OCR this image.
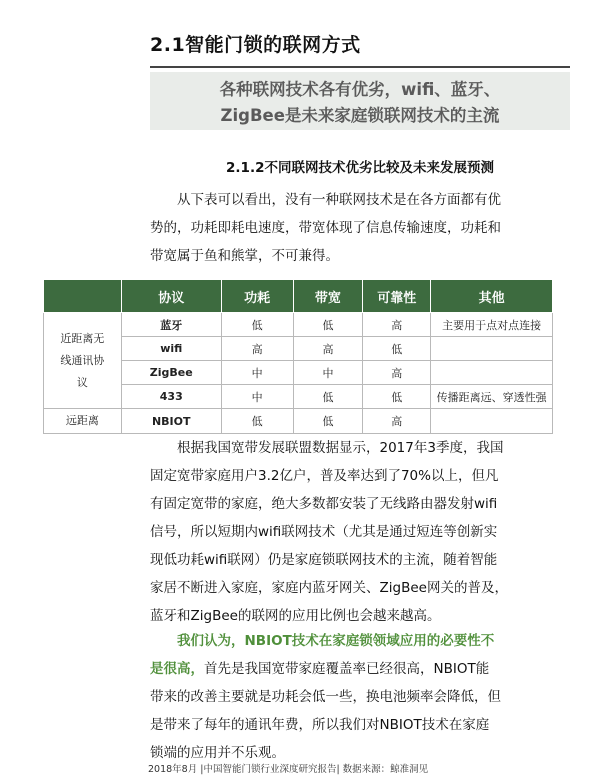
2.1智能门锁的联网方式
各种联网技术各有优劣，wifi、蓝牙、
ZigBee是未来家庭锁联网技术的主流
2.1.2不同联网技术优劣比较及未来发展预测
从下表可以看出，没有一种联网技术是在各方面都有优
势的，功耗即耗电速度，带宽体现了信息传输速度，功耗和
带宽属于鱼和熊掌，不可兼得。
	协议	功耗	带宽	可靠性	其他

近距离无
线通讯协
议	蓝牙	低	低	高	主要用于点对点连接
	wifi	高	高	低	
	ZigBee	中	中	高	
	433	中	低	低	传播距离远、穿透性强
远距离	NBIOT	低	低	高	
根据我国宽带发展联盟数据显示，2017年3季度，我国
固定宽带家庭用户3.2亿户，普及率达到了70%以上，但凡
有固定宽带的家庭，绝大多数都安装了无线路由器发射wifi
信号，所以短期内wifi联网技术（尤其是通过短连等创新实
现低功耗wifi联网）仍是家庭锁联网技术的主流，随着智能
家居不断进入家庭，家庭内蓝牙网关、ZigBee网关的普及，
蓝牙和ZigBee的联网的应用比例也会越来越高。
我们认为，NBIOT技术在家庭锁领域应用的必要性不
是很高，首先是我国宽带家庭覆盖率已经很高，NBIOT能
带来的改善主要就是功耗会低一些，换电池频率会降低，但
是带来了每年的通讯年费，所以我们对NBIOT技术在家庭
锁端的应用并不乐观。
2018年8月 |中国智能门锁行业深度研究报告| 数据来源：鲸准洞见
